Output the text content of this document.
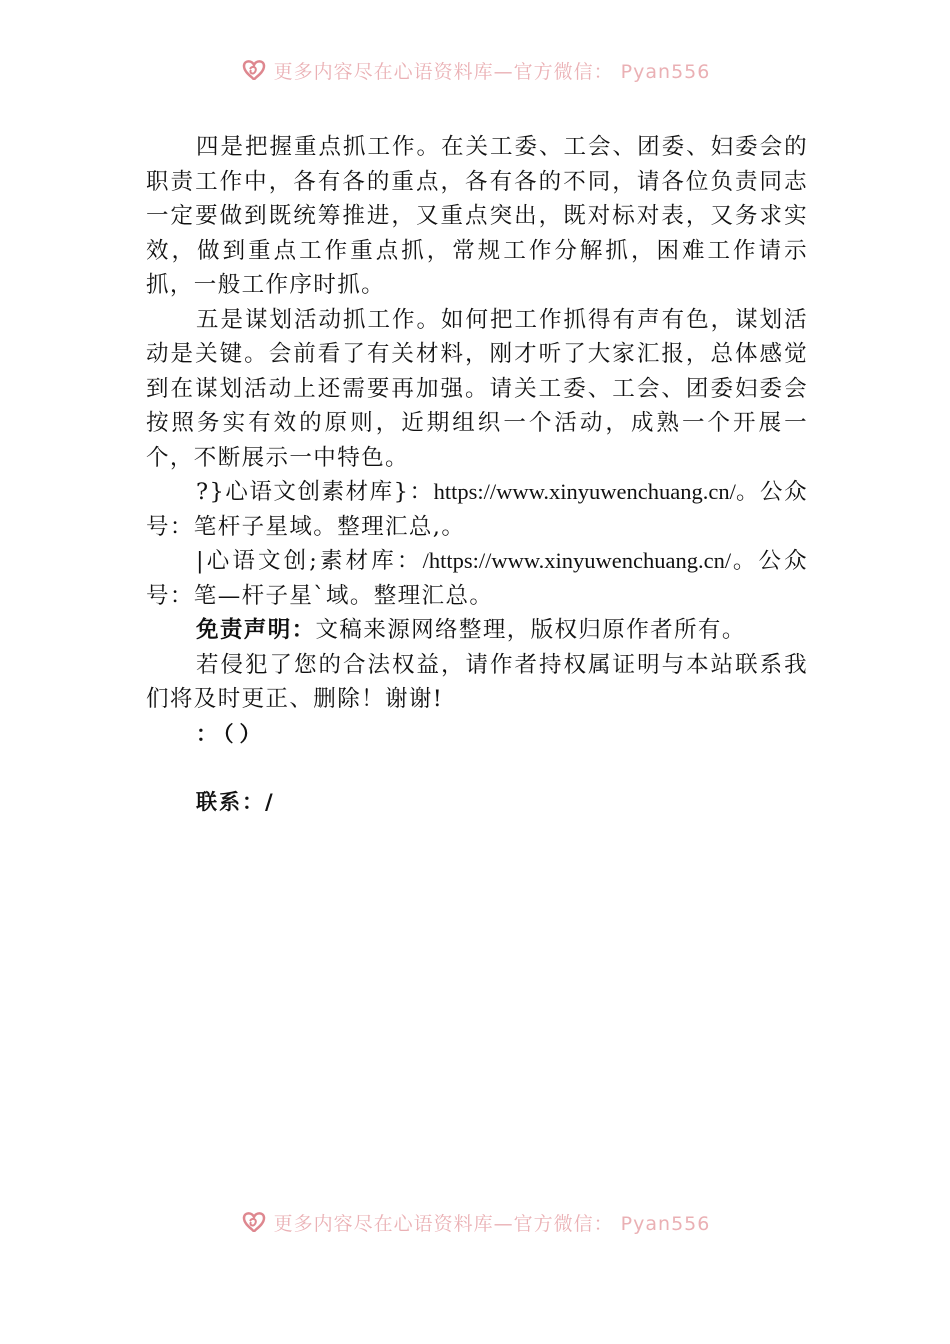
更多内容尽在心语资料库—官方微信： Pyan556

四是把握重点抓工作。在关工委、工会、团委、妇委会的职责工作中，各有各的重点，各有各的不同，请各位负责同志一定要做到既统筹推进，又重点突出，既对标对表，又务求实效，做到重点工作重点抓，常规工作分解抓，困难工作请示抓，一般工作序时抓。

五是谋划活动抓工作。如何把工作抓得有声有色，谋划活动是关键。会前看了有关材料，刚才听了大家汇报，总体感觉到在谋划活动上还需要再加强。请关工委、工会、团委妇委会按照务实有效的原则，近期组织一个活动，成熟一个开展一个，不断展示一中特色。

?}心语文创素材库}：https://www.xinyuwenchuang.cn/。公众号：笔杆子星域。整理汇总,。

|心语文创;素材库：/https://www.xinyuwenchuang.cn/。公众号：笔—杆子星`域。整理汇总。

免责声明：文稿来源网络整理，版权归原作者所有。

若侵犯了您的合法权益，请作者持权属证明与本站联系我们将及时更正、删除！谢谢!

：（）

联系：/

更多内容尽在心语资料库—官方微信： Pyan556
